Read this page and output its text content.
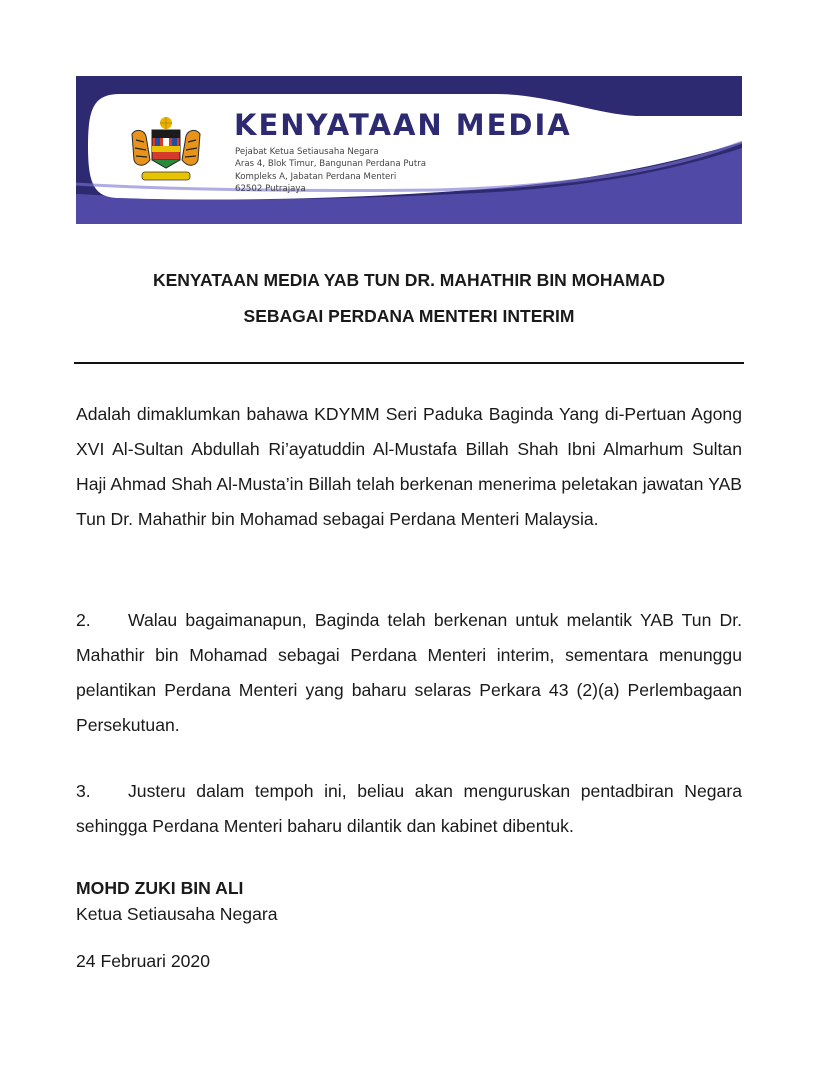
KENYATAAN MEDIA
Pejabat Ketua Setiausaha Negara
Aras 4, Blok Timur, Bangunan Perdana Putra
Kompleks A, Jabatan Perdana Menteri
62502 Putrajaya
KENYATAAN MEDIA YAB TUN DR. MAHATHIR BIN MOHAMAD
SEBAGAI PERDANA MENTERI INTERIM
Adalah dimaklumkan bahawa KDYMM Seri Paduka Baginda Yang di-Pertuan Agong XVI Al-Sultan Abdullah Ri’ayatuddin Al-Mustafa Billah Shah Ibni Almarhum Sultan Haji Ahmad Shah Al-Musta’in Billah telah berkenan menerima peletakan jawatan YAB Tun Dr. Mahathir bin Mohamad sebagai Perdana Menteri Malaysia.
2. Walau bagaimanapun, Baginda telah berkenan untuk melantik YAB Tun Dr. Mahathir bin Mohamad sebagai Perdana Menteri interim, sementara menunggu pelantikan Perdana Menteri yang baharu selaras Perkara 43 (2)(a) Perlembagaan Persekutuan.
3. Justeru dalam tempoh ini, beliau akan menguruskan pentadbiran Negara sehingga Perdana Menteri baharu dilantik dan kabinet dibentuk.
MOHD ZUKI BIN ALI
Ketua Setiausaha Negara
24 Februari 2020
